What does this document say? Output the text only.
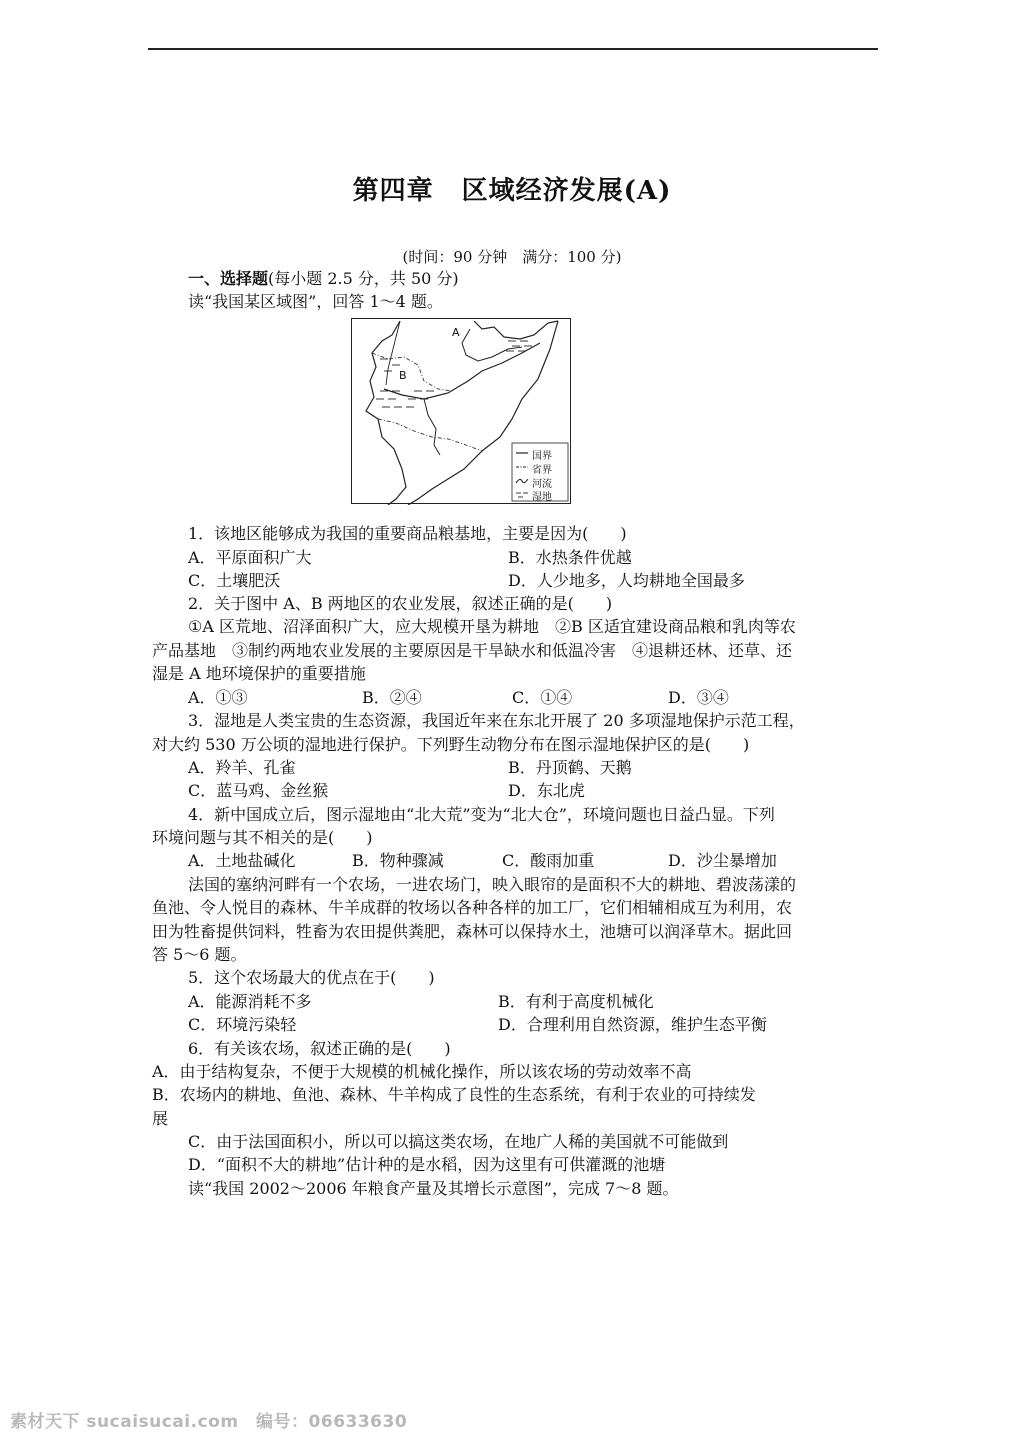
第四章 区域经济发展(A)
(时间：90 分钟　满分：100 分)
一、选择题(每小题 2.5 分，共 50 分)
读“我国某区域图”，回答 1～4 题。
A
B
国界
省界
河流
湿地
1．该地区能够成为我国的重要商品粮基地，主要是因为(　　)
A．平原面积广大	B．水热条件优越
C．土壤肥沃	D．人少地多，人均耕地全国最多
2．关于图中 A、B 两地区的农业发展，叙述正确的是(　　)
①A 区荒地、沼泽面积广大，应大规模开垦为耕地　②B 区适宜建设商品粮和乳肉等农
产品基地　③制约两地农业发展的主要原因是干旱缺水和低温冷害　④退耕还林、还草、还
湿是 A 地环境保护的重要措施
A．①③	B．②④	C．①④	D．③④
3．湿地是人类宝贵的生态资源，我国近年来在东北开展了 20 多项湿地保护示范工程，
对大约 530 万公顷的湿地进行保护。下列野生动物分布在图示湿地保护区的是(　　)
A．羚羊、孔雀	B．丹顶鹤、天鹅
C．蓝马鸡、金丝猴	D．东北虎
4．新中国成立后，图示湿地由“北大荒”变为“北大仓”，环境问题也日益凸显。下列
环境问题与其不相关的是(　　)
A．土地盐碱化	B．物种骤减	C．酸雨加重	D．沙尘暴增加
法国的塞纳河畔有一个农场，一进农场门，映入眼帘的是面积不大的耕地、碧波荡漾的
鱼池、令人悦目的森林、牛羊成群的牧场以各种各样的加工厂，它们相辅相成互为利用，农
田为牲畜提供饲料，牲畜为农田提供粪肥，森林可以保持水土，池塘可以润泽草木。据此回
答 5～6 题。
5．这个农场最大的优点在于(　　)
A．能源消耗不多	B．有利于高度机械化
C．环境污染轻	D．合理利用自然资源，维护生态平衡
6．有关该农场，叙述正确的是(　　)
A．由于结构复杂，不便于大规模的机械化操作，所以该农场的劳动效率不高
B．农场内的耕地、鱼池、森林、牛羊构成了良性的生态系统，有利于农业的可持续发
展
C．由于法国面积小，所以可以搞这类农场，在地广人稀的美国就不可能做到
D．“面积不大的耕地”估计种的是水稻，因为这里有可供灌溉的池塘
读“我国 2002～2006 年粮食产量及其增长示意图”，完成 7～8 题。
素材天下 sucaisucai.com　编号：06633630
